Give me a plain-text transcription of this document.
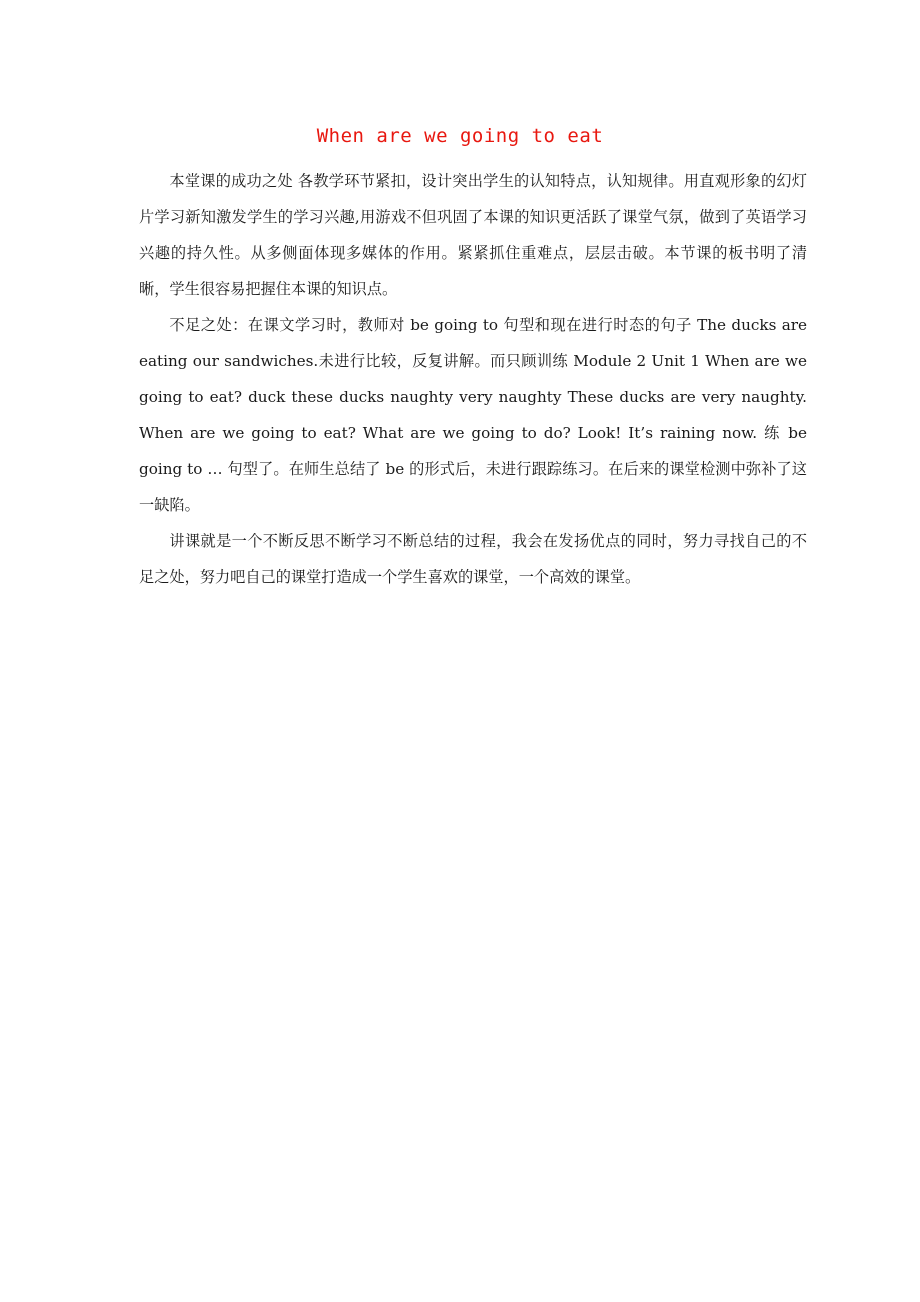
When are we going to eat

本堂课的成功之处 各教学环节紧扣，设计突出学生的认知特点，认知规律。用直观形象的幻灯片学习新知激发学生的学习兴趣,用游戏不但巩固了本课的知识更活跃了课堂气氛，做到了英语学习兴趣的持久性。从多侧面体现多媒体的作用。紧紧抓住重难点，层层击破。本节课的板书明了清晰，学生很容易把握住本课的知识点。

不足之处：在课文学习时，教师对 be going to 句型和现在进行时态的句子 The ducks are eating our sandwiches.未进行比较，反复讲解。而只顾训练 Module 2 Unit 1 When are we going to eat? duck these ducks naughty very naughty These ducks are very naughty. When are we going to eat? What are we going to do? Look! It’s raining now. 练 be going to … 句型了。在师生总结了 be 的形式后，未进行跟踪练习。在后来的课堂检测中弥补了这一缺陷。

讲课就是一个不断反思不断学习不断总结的过程，我会在发扬优点的同时，努力寻找自己的不足之处，努力吧自己的课堂打造成一个学生喜欢的课堂，一个高效的课堂。
